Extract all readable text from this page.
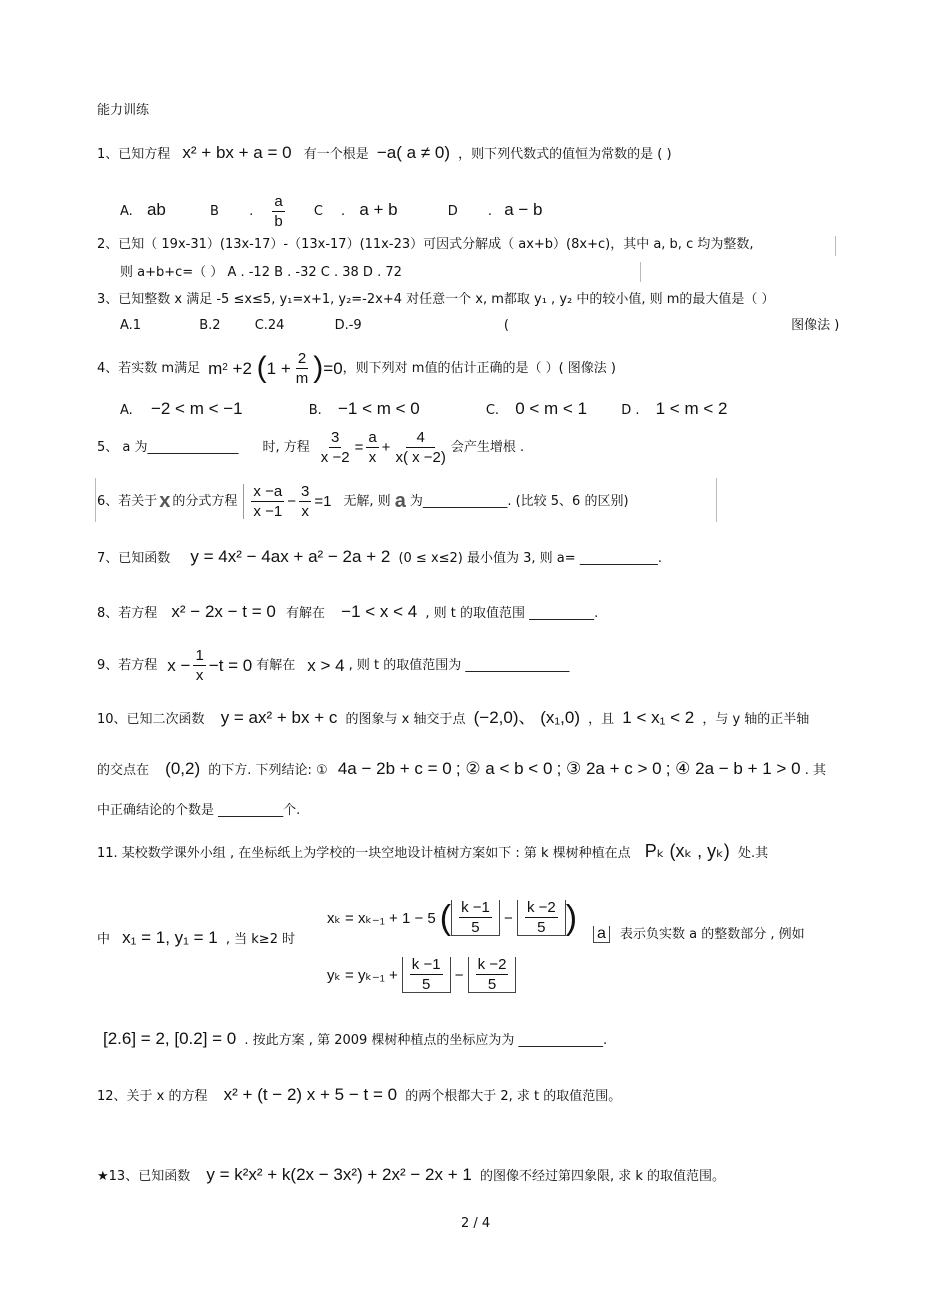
能力训练
1、已知方程 x² + bx + a = 0 有一个根是 −a( a ≠ 0) ，则下列代数式的值恒为常数的是 ( )
A. ab	B . $\frac{a}{b}$ C . a + b	D . a − b
2、已知（ 19x-31）(13x-17）-（13x-17）(11x-23）可因式分解成（ ax+b）(8x+c)，其中 a, b, c 均为整数,
则 a+b+c=（ ） A . -12 B . -32 C . 38 D . 72
3、已知整数 x 满足 -5 ≤x≤5, y₁=x+1, y₂=-2x+4 对任意一个 x, m都取 y₁ , y₂ 中的较小值, 则 m的最大值是（ ）
A.1	B.2	C.24	D.-9	(	图像法 )
4、若实数 m满足 m 2 +2 ( $1 + \frac{2}{m}$ ) =0 ，则下列对 m值的估计正确的是（ ）( 图像法 )
A. −2 < m < −1	B. −1 < m < 0	C. 0 < m < 1	D . 1 < m < 2
5、 a 为______________ 时, 方程 $\frac{3}{x -2} = \frac{a}{x} + \frac{4}{x( x -2)}$ 会产生增根 .
6、若关于 x 的分式方程 $\frac{x -a}{x -1} - \frac{3}{x} =1$ 无解, 则 a 为_____________. (比较 5、6 的区别)
7、已知函数 y = 4x² − 4ax + a² − 2a + 2 (0 ≤ x≤2) 最小值为 3, 则 a= ____________.
8、若方程 x² − 2x − t = 0 有解在 −1 < x < 4 , 则 t 的取值范围 __________.
9、若方程 $x - \frac{1}{x} -t = 0$ 有解在 x > 4 , 则 t 的取值范围为 ________________
10、已知二次函数 y = ax² + bx + c 的图象与 x 轴交于点 (−2,0)、 (x₁,0) ，且 1 < x₁ < 2 ，与 y 轴的正半轴
的交点在 (0,2) 的下方. 下列结论: ① 4a − 2b + c = 0 ; ② a < b < 0 ; ③ 2a + c > 0 ; ④ 2a − b + 1 > 0 . 其
中正确结论的个数是 __________个.
11. 某校数学课外小组 , 在坐标纸上为学校的一块空地设计植树方案如下 : 第 k 棵树种植在点 Pₖ (xₖ , yₖ) 处.其
中 x₁ = 1, y₁ = 1 , 当 k≥2 时
xₖ = xₖ₋₁ + 1 − 5 ( $\frac{k -1}{5} - \frac{k -2}{5}$ ) a 表示负实数 a 的整数部分 , 例如
$y_k = y_{k-1} + \frac{k -1}{5} - \frac{k -2}{5}$
[2.6] = 2, [0.2] = 0 . 按此方案 , 第 2009 棵树种植点的坐标应为为 _____________.
12、关于 x 的方程 x² + (t − 2) x + 5 − t = 0 的两个根都大于 2, 求 t 的取值范围。
★13、已知函数 y = k²x² + k(2x − 3x²) + 2x² − 2x + 1 的图像不经过第四象限, 求 k 的取值范围。
2 / 4
